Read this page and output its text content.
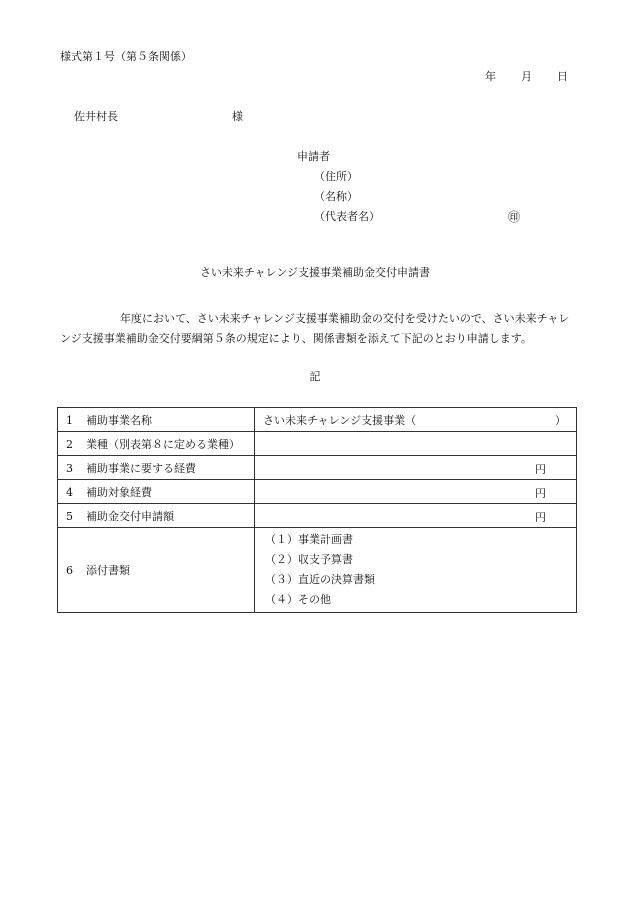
様式第１号（第５条関係）
年 月 日
佐井村長	様
申請者
（住所）
（名称）
（代表者名）	㊞
さい未来チャレンジ支援事業補助金交付申請書
年度において、さい未来チャレンジ支援事業補助金の交付を受けたいので、さい未来チャレンジ支援事業補助金交付要綱第５条の規定により、関係書類を添えて下記のとおり申請します。
記
1 補助事業名称	さい未来チャレンジ支援事業（ ）

2 業種（別表第８に定める業種）	

3 補助事業に要する経費	円

4 補助対象経費	円

5 補助金交付申請額	円

6 添付書類	（１）事業計画書
（２）収支予算書
（３）直近の決算書類
（４）その他
